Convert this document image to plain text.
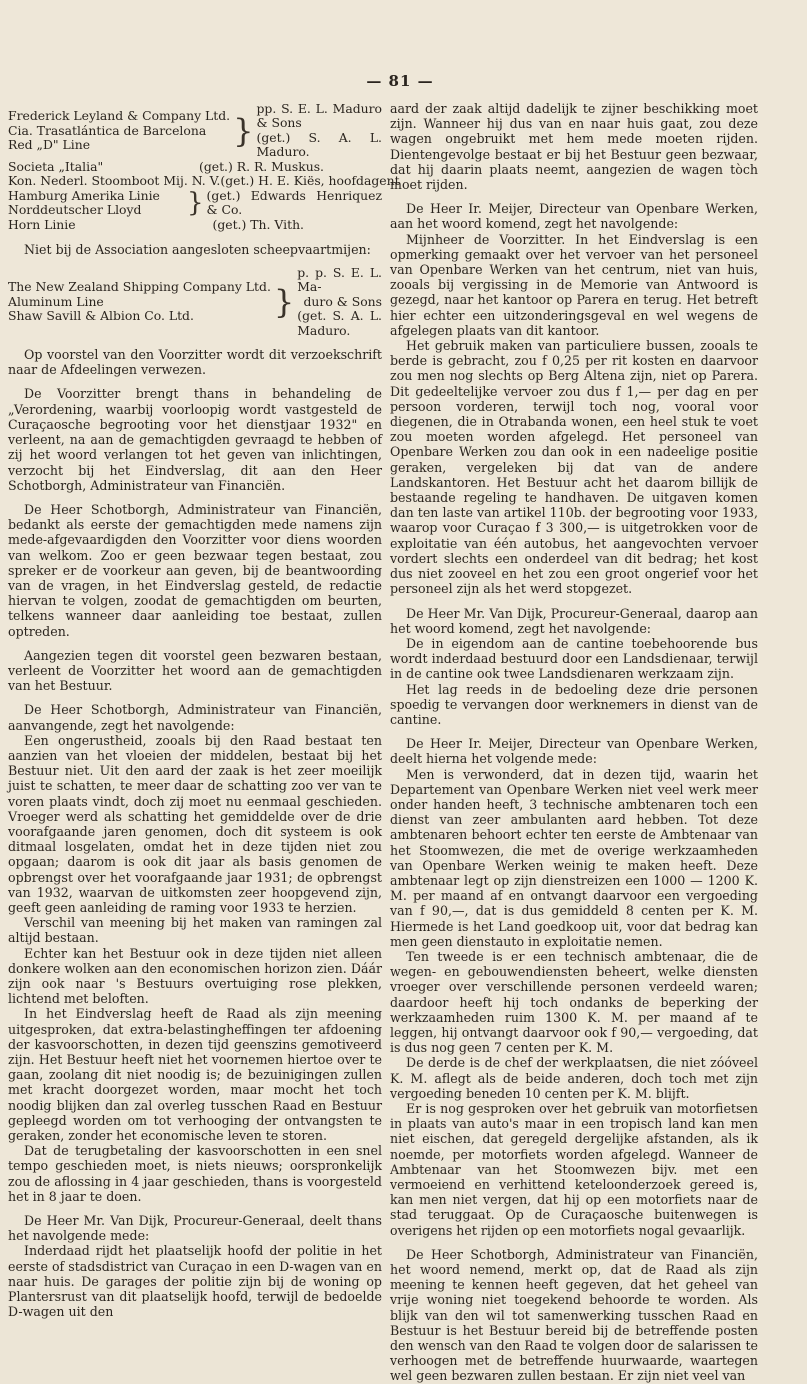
— 81 —
Frederick Leyland & Company Ltd.
Cia. Trasatlántica de Barcelona
Red „D" Line	}
pp. S. E. L. Maduro & Sons
(get.) S. A. L. Maduro.
Societa „Italia"	(get.) R. R. Muskus.
Kon. Nederl. Stoomboot Mij. N. V. (get.) H. E. Kiës, hoofdagent
Hamburg Amerika Linie
Norddeutscher Lloyd	} (get.) Edwards Henriquez & Co.
Horn Linie	(get.) Th. Vith.
Niet bij de Association aangesloten scheepvaartmijen:
The New Zealand Shipping Company Ltd.
Aluminum Line
Shaw Savill & Albion Co. Ltd.	}
p. p. S. E. L. Ma-
duro & Sons
(get. S. A. L. Maduro.
Op voorstel van den Voorzitter wordt dit verzoekschrift naar de Afdeelingen verwezen.
De Voorzitter brengt thans in behandeling de „Verordening, waarbij voorloopig wordt vastgesteld de Curaçaosche begrooting voor het dienstjaar 1932" en verleent, na aan de gemachtigden gevraagd te hebben of zij het woord verlangen tot het geven van inlichtingen, verzocht bij het Eindverslag, dit aan den Heer Schotborgh, Administrateur van Financiën.
De Heer Schotborgh, Administrateur van Financiën, bedankt als eerste der gemachtigden mede namens zijn mede-afgevaardigden den Voorzitter voor diens woorden van welkom. Zoo er geen bezwaar tegen bestaat, zou spreker er de voorkeur aan geven, bij de beantwoording van de vragen, in het Eindverslag gesteld, de redactie hiervan te volgen, zoodat de gemachtigden om beurten, telkens wanneer daar aanleiding toe bestaat, zullen optreden.
Aangezien tegen dit voorstel geen bezwaren bestaan, verleent de Voorzitter het woord aan de gemachtigden van het Bestuur.
De Heer Schotborgh, Administrateur van Financiën, aanvangende, zegt het navolgende:
Een ongerustheid, zooals bij den Raad bestaat ten aanzien van het vloeien der middelen, bestaat bij het Bestuur niet. Uit den aard der zaak is het zeer moeilijk juist te schatten, te meer daar de schatting zoo ver van te voren plaats vindt, doch zij moet nu eenmaal geschieden. Vroeger werd als schatting het gemiddelde over de drie voorafgaande jaren genomen, doch dit systeem is ook ditmaal losgelaten, omdat het in deze tijden niet zou opgaan; daarom is ook dit jaar als basis genomen de opbrengst over het voorafgaande jaar 1931; de opbrengst van 1932, waarvan de uitkomsten zeer hoopgevend zijn, geeft geen aanleiding de raming voor 1933 te herzien.
Verschil van meening bij het maken van ramingen zal altijd bestaan.
Echter kan het Bestuur ook in deze tijden niet alleen donkere wolken aan den economischen horizon zien. Dáár zijn ook naar 's Bestuurs overtuiging rose plekken, lichtend met beloften.
In het Eindverslag heeft de Raad als zijn meening uitgesproken, dat extra-belastingheffingen ter afdoening der kasvoorschotten, in dezen tijd geenszins gemotiveerd zijn. Het Bestuur heeft niet het voornemen hiertoe over te gaan, zoolang dit niet noodig is; de bezuinigingen zullen met kracht doorgezet worden, maar mocht het toch noodig blijken dan zal overleg tusschen Raad en Bestuur gepleegd worden om tot verhooging der ontvangsten te geraken, zonder het economische leven te storen.
Dat de terugbetaling der kasvoorschotten in een snel tempo geschieden moet, is niets nieuws; oorspronkelijk zou de aflossing in 4 jaar geschieden, thans is voorgesteld het in 8 jaar te doen.
De Heer Mr. Van Dijk, Procureur-Generaal, deelt thans het navolgende mede:
Inderdaad rijdt het plaatselijk hoofd der politie in het eerste of stadsdistrict van Curaçao in een D-wagen van en naar huis. De garages der politie zijn bij de woning op Plantersrust van dit plaatselijk hoofd, terwijl de bedoelde D-wagen uit den
aard der zaak altijd dadelijk te zijner beschikking moet zijn. Wanneer hij dus van en naar huis gaat, zou deze wagen ongebruikt met hem mede moeten rijden. Dientengevolge bestaat er bij het Bestuur geen bezwaar, dat hij daarin plaats neemt, aangezien de wagen tòch moet rijden.
De Heer Ir. Meijer, Directeur van Openbare Werken, aan het woord komend, zegt het navolgende:
Mijnheer de Voorzitter. In het Eindverslag is een opmerking gemaakt over het vervoer van het personeel van Openbare Werken van het centrum, niet van huis, zooals bij vergissing in de Memorie van Antwoord is gezegd, naar het kantoor op Parera en terug. Het betreft hier echter een uitzonderingsgeval en wel wegens de afgelegen plaats van dit kantoor.
Het gebruik maken van particuliere bussen, zooals te berde is gebracht, zou f 0,25 per rit kosten en daarvoor zou men nog slechts op Berg Altena zijn, niet op Parera. Dit gedeeltelijke vervoer zou dus f 1,— per dag en per persoon vorderen, terwijl toch nog, vooral voor diegenen, die in Otrabanda wonen, een heel stuk te voet zou moeten worden afgelegd. Het personeel van Openbare Werken zou dan ook in een nadeelige positie geraken, vergeleken bij dat van de andere Landskantoren. Het Bestuur acht het daarom billijk de bestaande regeling te handhaven. De uitgaven komen dan ten laste van artikel 110b. der begrooting voor 1933, waarop voor Curaçao f 3 300,— is uitgetrokken voor de exploitatie van één autobus, het aangevochten vervoer vordert slechts een onderdeel van dit bedrag; het kost dus niet zooveel en het zou een groot ongerief voor het personeel zijn als het werd stopgezet.
De Heer Mr. Van Dijk, Procureur-Generaal, daarop aan het woord komend, zegt het navolgende:
De in eigendom aan de cantine toebehoorende bus wordt inderdaad bestuurd door een Landsdienaar, terwijl in de cantine ook twee Landsdienaren werkzaam zijn.
Het lag reeds in de bedoeling deze drie personen spoedig te vervangen door werknemers in dienst van de cantine.
De Heer Ir. Meijer, Directeur van Openbare Werken, deelt hierna het volgende mede:
Men is verwonderd, dat in dezen tijd, waarin het Departement van Openbare Werken niet veel werk meer onder handen heeft, 3 technische ambtenaren toch een dienst van zeer ambulanten aard hebben. Tot deze ambtenaren behoort echter ten eerste de Ambtenaar van het Stoomwezen, die met de overige werkzaamheden van Openbare Werken weinig te maken heeft. Deze ambtenaar legt op zijn dienstreizen een 1000 — 1200 K. M. per maand af en ontvangt daarvoor een vergoeding van f 90,—, dat is dus gemiddeld 8 centen per K. M. Hiermede is het Land goedkoop uit, voor dat bedrag kan men geen dienstauto in exploitatie nemen.
Ten tweede is er een technisch ambtenaar, die de wegen- en gebouwendiensten beheert, welke diensten vroeger over verschillende personen verdeeld waren; daardoor heeft hij toch ondanks de beperking der werkzaamheden ruim 1300 K. M. per maand af te leggen, hij ontvangt daarvoor ook f 90,— vergoeding, dat is dus nog geen 7 centen per K. M.
De derde is de chef der werkplaatsen, die niet zóóveel K. M. aflegt als de beide anderen, doch toch met zijn vergoeding beneden 10 centen per K. M. blijft.
Er is nog gesproken over het gebruik van motorfietsen in plaats van auto's maar in een tropisch land kan men niet eischen, dat geregeld dergelijke afstanden, als ik noemde, per motorfiets worden afgelegd. Wanneer de Ambtenaar van het Stoomwezen bijv. met een vermoeiend en verhittend keteloonderzoek gereed is, kan men niet vergen, dat hij op een motorfiets naar de stad teruggaat. Op de Curaçaosche buitenwegen is overigens het rijden op een motorfiets nogal gevaarlijk.
De Heer Schotborgh, Administrateur van Financiën, het woord nemend, merkt op, dat de Raad als zijn meening te kennen heeft gegeven, dat het geheel van vrije woning niet toegekend behoorde te worden. Als blijk van den wil tot samenwerking tusschen Raad en Bestuur is het Bestuur bereid bij de betreffende posten den wensch van den Raad te volgen door de salarissen te verhoogen met de betreffende huurwaarde, waartegen wel geen bezwaren zullen bestaan. Er zijn niet veel van
